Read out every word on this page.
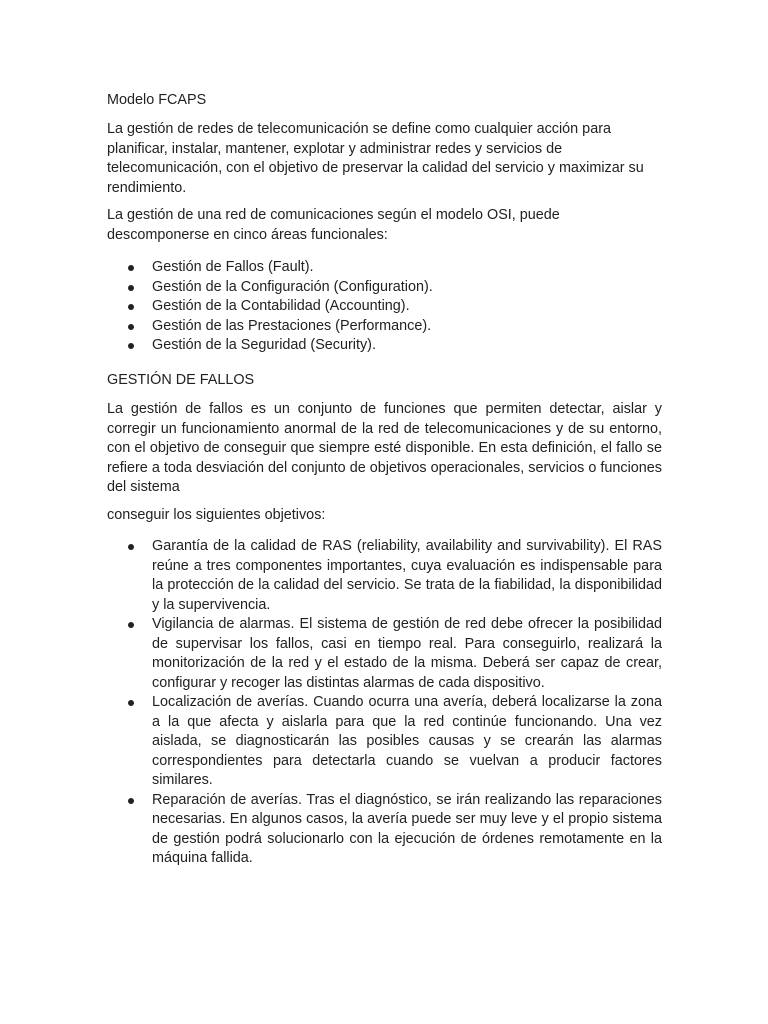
Modelo FCAPS

La gestión de redes de telecomunicación se define como cualquier acción para planificar, instalar, mantener, explotar y administrar redes y servicios de telecomunicación, con el objetivo de preservar la calidad del servicio y maximizar su rendimiento.

La gestión de una red de comunicaciones según el modelo OSI, puede descomponerse en cinco áreas funcionales:

Gestión de Fallos (Fault).
Gestión de la Configuración (Configuration).
Gestión de la Contabilidad (Accounting).
Gestión de las Prestaciones (Performance).
Gestión de la Seguridad (Security).
GESTIÓN DE FALLOS

La gestión de fallos es un conjunto de funciones que permiten detectar, aislar y corregir un funcionamiento anormal de la red de telecomunicaciones y de su entorno, con el objetivo de conseguir que siempre esté disponible. En esta definición, el fallo se refiere a toda desviación del conjunto de objetivos operacionales, servicios o funciones del sistema

conseguir los siguientes objetivos:

Garantía de la calidad de RAS (reliability, availability and survivability). El RAS reúne a tres componentes importantes, cuya evaluación es indispensable para la protección de la calidad del servicio. Se trata de la fiabilidad, la disponibilidad y la supervivencia.
Vigilancia de alarmas. El sistema de gestión de red debe ofrecer la posibilidad de supervisar los fallos, casi en tiempo real. Para conseguirlo, realizará la monitorización de la red y el estado de la misma. Deberá ser capaz de crear, configurar y recoger las distintas alarmas de cada dispositivo.
Localización de averías. Cuando ocurra una avería, deberá localizarse la zona a la que afecta y aislarla para que la red continúe funcionando. Una vez aislada, se diagnosticarán las posibles causas y se crearán las alarmas correspondientes para detectarla cuando se vuelvan a producir factores similares.
Reparación de averías. Tras el diagnóstico, se irán realizando las reparaciones necesarias. En algunos casos, la avería puede ser muy leve y el propio sistema de gestión podrá solucionarlo con la ejecución de órdenes remotamente en la máquina fallida.
